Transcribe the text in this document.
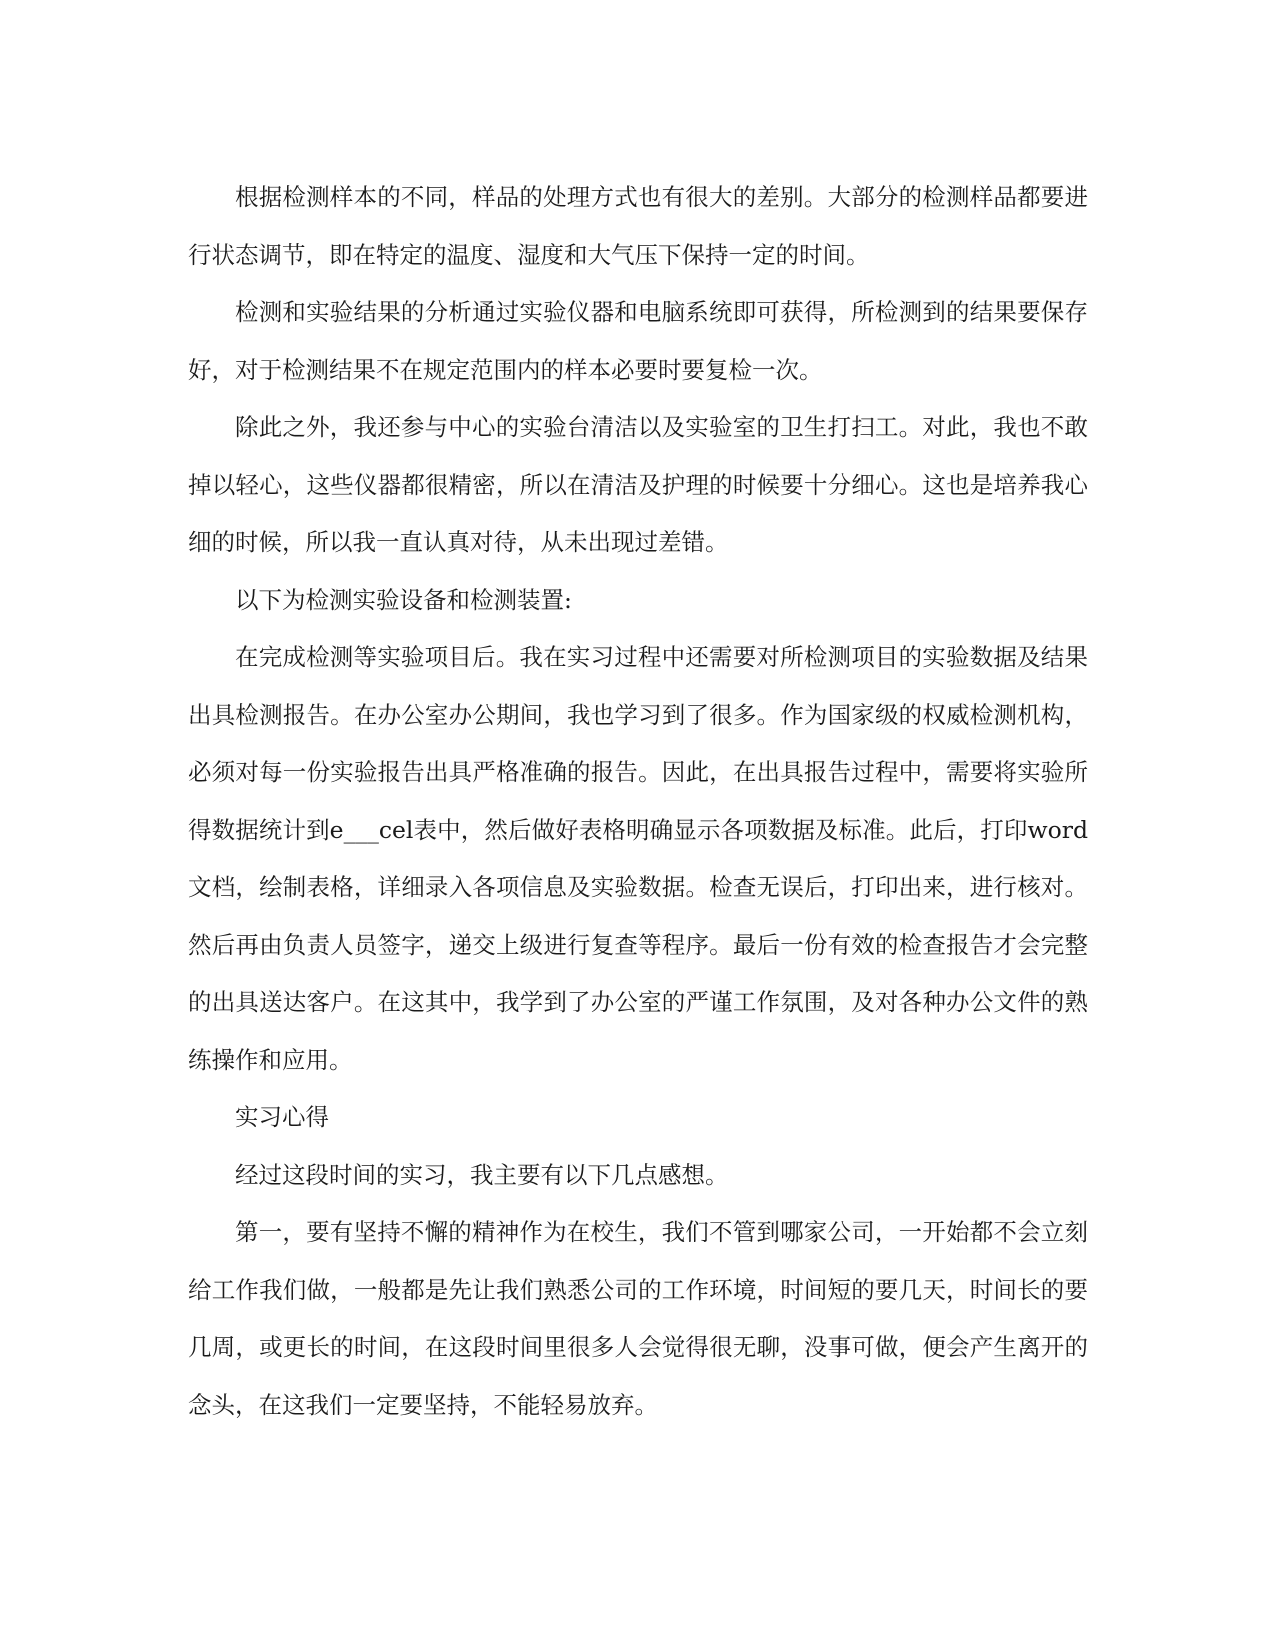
根据检测样本的不同，样品的处理方式也有很大的差别。大部分的检测样品都要进行状态调节，即在特定的温度、湿度和大气压下保持一定的时间。

检测和实验结果的分析通过实验仪器和电脑系统即可获得，所检测到的结果要保存好，对于检测结果不在规定范围内的样本必要时要复检一次。

除此之外，我还参与中心的实验台清洁以及实验室的卫生打扫工。对此，我也不敢掉以轻心，这些仪器都很精密，所以在清洁及护理的时候要十分细心。这也是培养我心细的时候，所以我一直认真对待，从未出现过差错。

以下为检测实验设备和检测装置:

在完成检测等实验项目后。我在实习过程中还需要对所检测项目的实验数据及结果出具检测报告。在办公室办公期间，我也学习到了很多。作为国家级的权威检测机构，必须对每一份实验报告出具严格准确的报告。因此，在出具报告过程中，需要将实验所得数据统计到e___cel表中，然后做好表格明确显示各项数据及标准。此后，打印word文档，绘制表格，详细录入各项信息及实验数据。检查无误后，打印出来，进行核对。然后再由负责人员签字，递交上级进行复查等程序。最后一份有效的检查报告才会完整的出具送达客户。在这其中，我学到了办公室的严谨工作氛围，及对各种办公文件的熟练操作和应用。

实习心得

经过这段时间的实习，我主要有以下几点感想。

第一，要有坚持不懈的精神作为在校生，我们不管到哪家公司，一开始都不会立刻给工作我们做，一般都是先让我们熟悉公司的工作环境，时间短的要几天，时间长的要几周，或更长的时间，在这段时间里很多人会觉得很无聊，没事可做，便会产生离开的念头，在这我们一定要坚持，不能轻易放弃。
